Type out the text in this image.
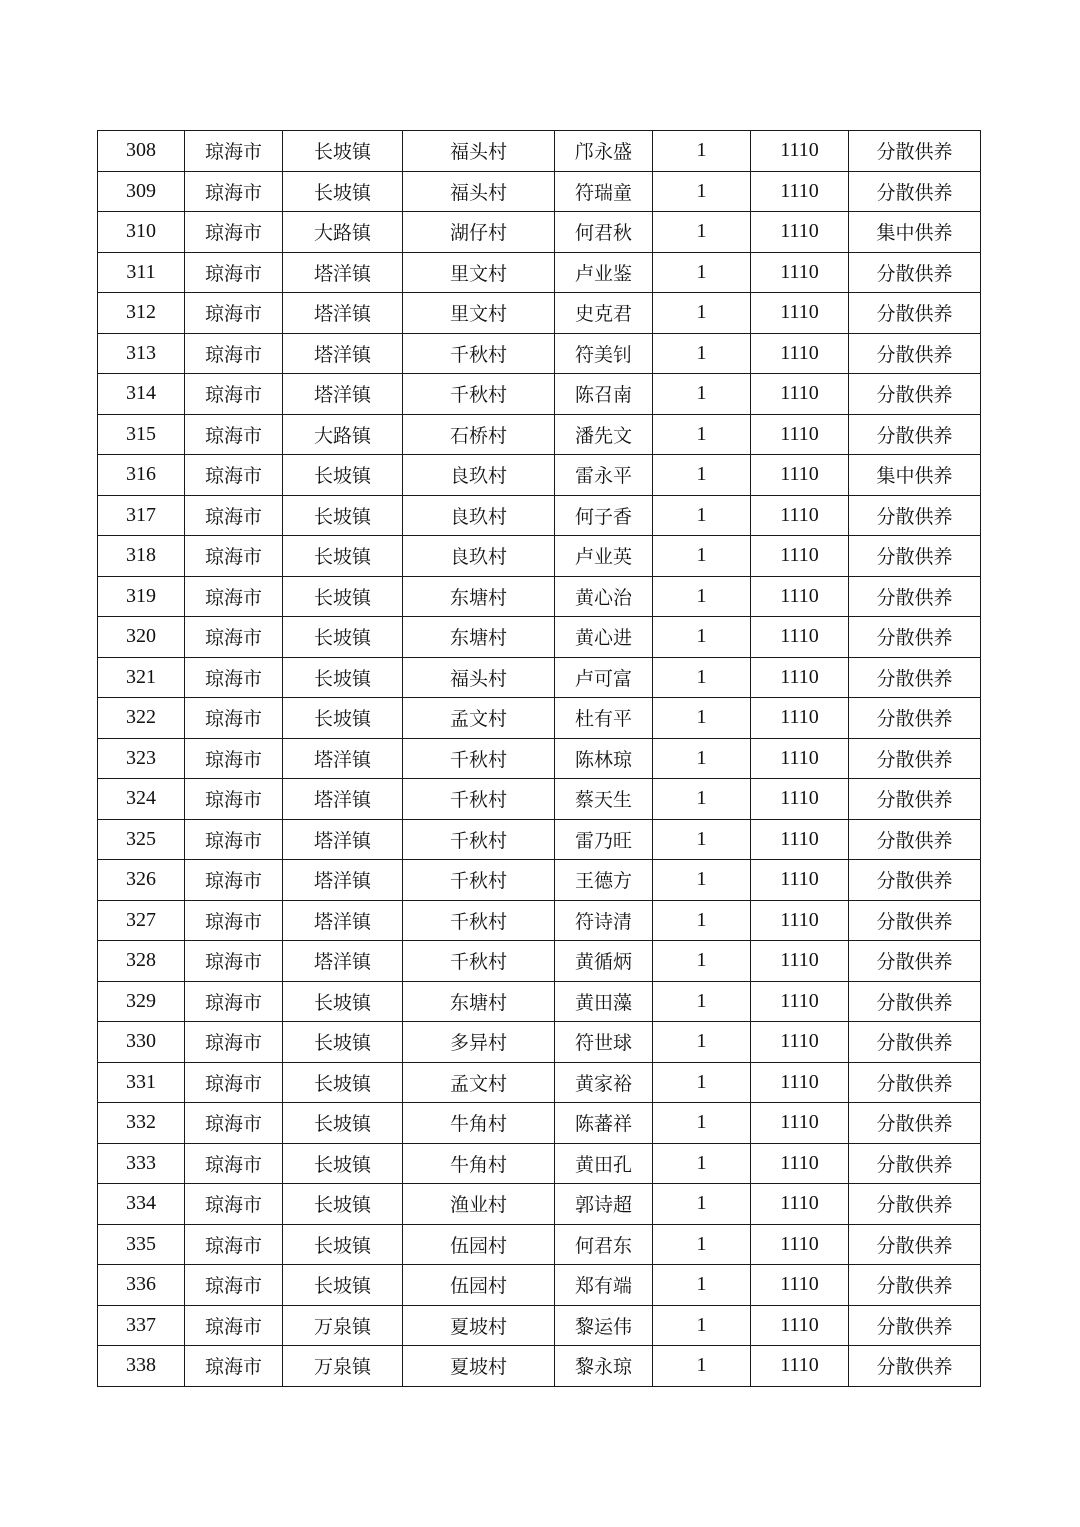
308	琼海市	长坡镇	福头村	邝永盛	1	1110	分散供养
309	琼海市	长坡镇	福头村	符瑞童	1	1110	分散供养
310	琼海市	大路镇	湖仔村	何君秋	1	1110	集中供养
311	琼海市	塔洋镇	里文村	卢业鉴	1	1110	分散供养
312	琼海市	塔洋镇	里文村	史克君	1	1110	分散供养
313	琼海市	塔洋镇	千秋村	符美钊	1	1110	分散供养
314	琼海市	塔洋镇	千秋村	陈召南	1	1110	分散供养
315	琼海市	大路镇	石桥村	潘先文	1	1110	分散供养
316	琼海市	长坡镇	良玖村	雷永平	1	1110	集中供养
317	琼海市	长坡镇	良玖村	何子香	1	1110	分散供养
318	琼海市	长坡镇	良玖村	卢业英	1	1110	分散供养
319	琼海市	长坡镇	东塘村	黄心治	1	1110	分散供养
320	琼海市	长坡镇	东塘村	黄心进	1	1110	分散供养
321	琼海市	长坡镇	福头村	卢可富	1	1110	分散供养
322	琼海市	长坡镇	孟文村	杜有平	1	1110	分散供养
323	琼海市	塔洋镇	千秋村	陈林琼	1	1110	分散供养
324	琼海市	塔洋镇	千秋村	蔡天生	1	1110	分散供养
325	琼海市	塔洋镇	千秋村	雷乃旺	1	1110	分散供养
326	琼海市	塔洋镇	千秋村	王德方	1	1110	分散供养
327	琼海市	塔洋镇	千秋村	符诗清	1	1110	分散供养
328	琼海市	塔洋镇	千秋村	黄循炳	1	1110	分散供养
329	琼海市	长坡镇	东塘村	黄田藻	1	1110	分散供养
330	琼海市	长坡镇	多异村	符世球	1	1110	分散供养
331	琼海市	长坡镇	孟文村	黄家裕	1	1110	分散供养
332	琼海市	长坡镇	牛角村	陈蕃祥	1	1110	分散供养
333	琼海市	长坡镇	牛角村	黄田孔	1	1110	分散供养
334	琼海市	长坡镇	渔业村	郭诗超	1	1110	分散供养
335	琼海市	长坡镇	伍园村	何君东	1	1110	分散供养
336	琼海市	长坡镇	伍园村	郑有端	1	1110	分散供养
337	琼海市	万泉镇	夏坡村	黎运伟	1	1110	分散供养
338	琼海市	万泉镇	夏坡村	黎永琼	1	1110	分散供养
